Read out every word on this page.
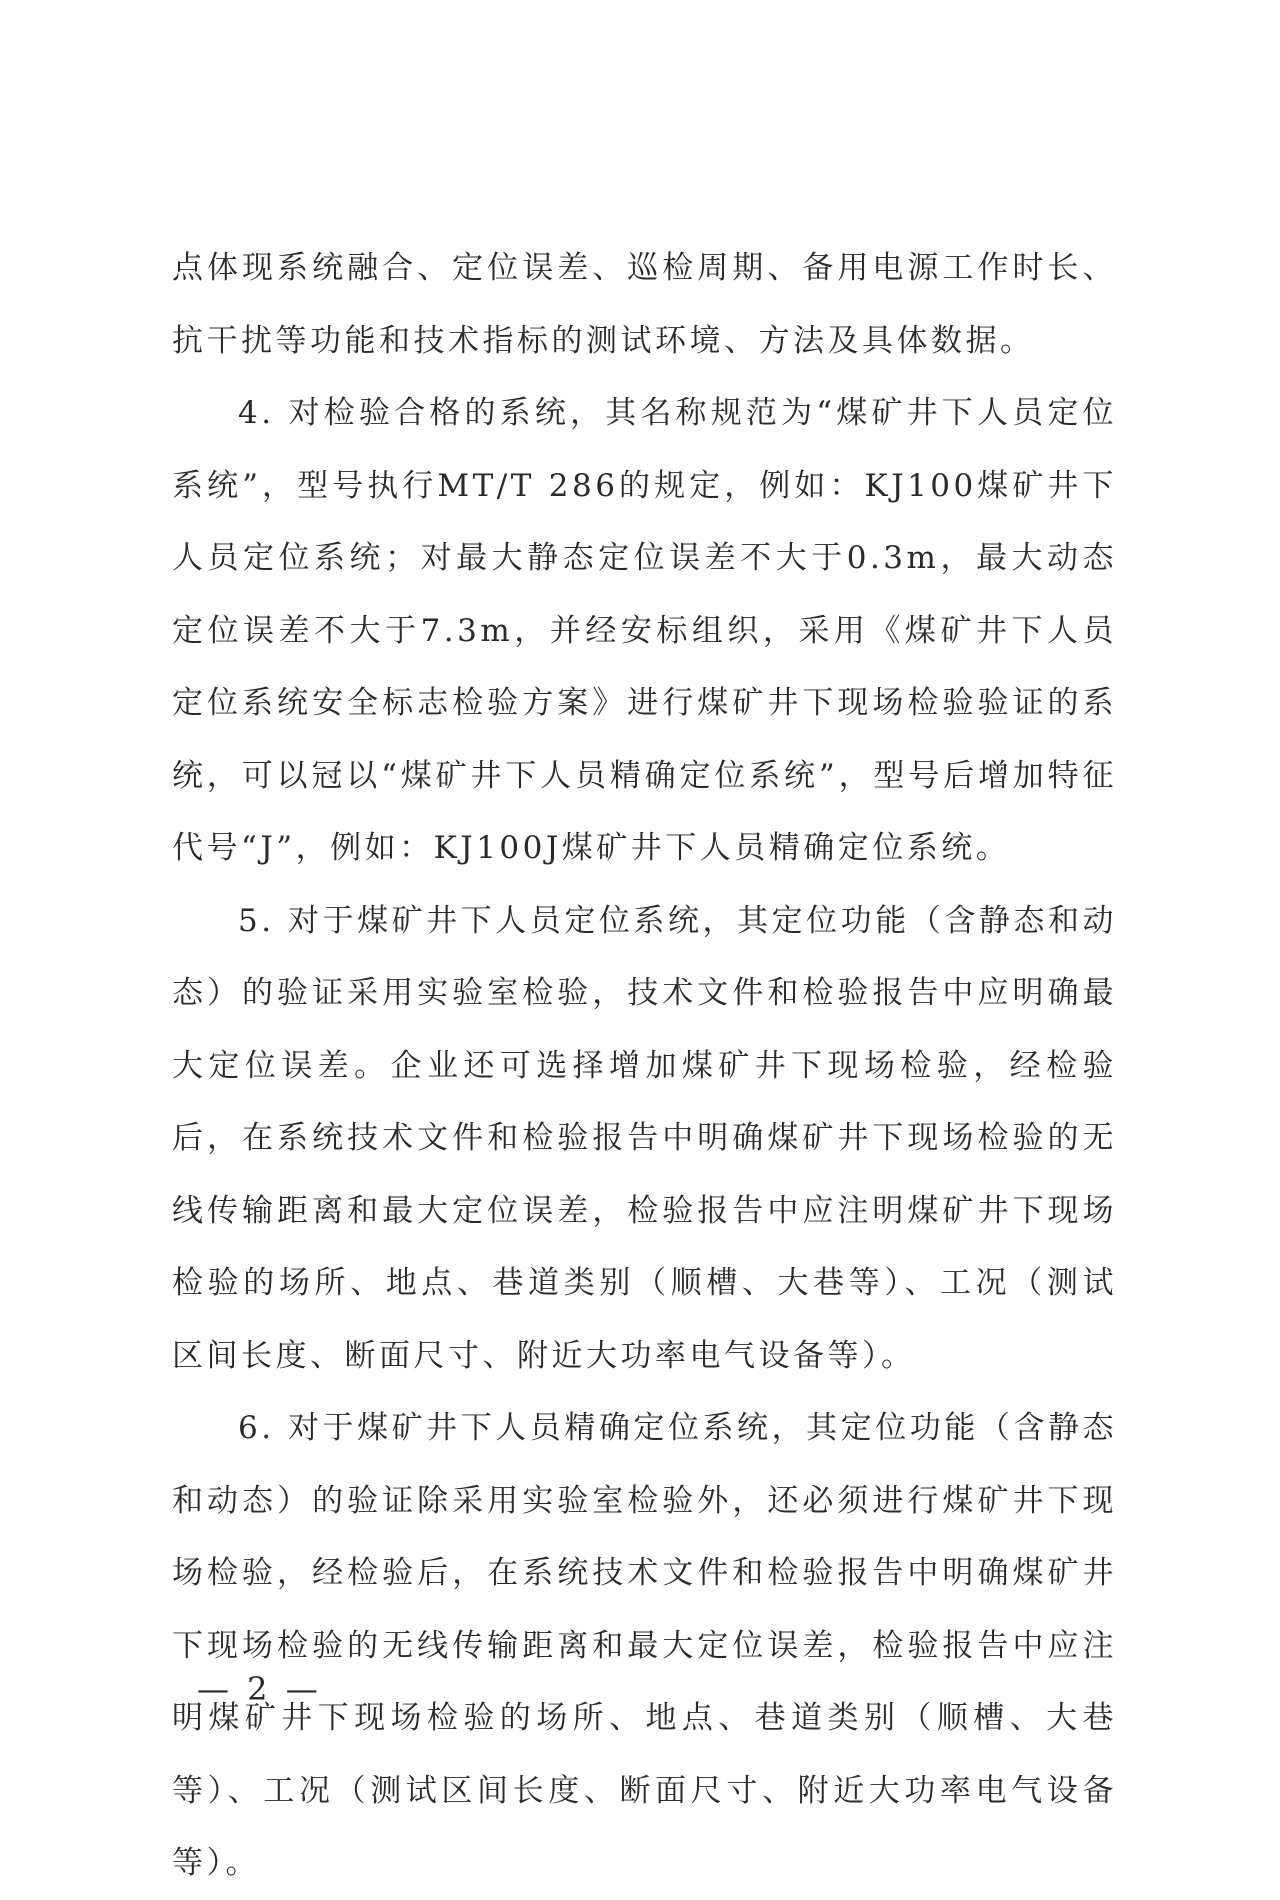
点体现系统融合、定位误差、巡检周期、备用电源工作时长、抗干扰等功能和技术指标的测试环境、方法及具体数据。

4. 对检验合格的系统，其名称规范为“煤矿井下人员定位系统”，型号执行MT/T 286的规定，例如：KJ100煤矿井下人员定位系统；对最大静态定位误差不大于0.3m，最大动态定位误差不大于7.3m，并经安标组织，采用《煤矿井下人员定位系统安全标志检验方案》进行煤矿井下现场检验验证的系统，可以冠以“煤矿井下人员精确定位系统”，型号后增加特征代号“J”，例如：KJ100J煤矿井下人员精确定位系统。

5. 对于煤矿井下人员定位系统，其定位功能（含静态和动态）的验证采用实验室检验，技术文件和检验报告中应明确最大定位误差。企业还可选择增加煤矿井下现场检验，经检验后，在系统技术文件和检验报告中明确煤矿井下现场检验的无线传输距离和最大定位误差，检验报告中应注明煤矿井下现场检验的场所、地点、巷道类别（顺槽、大巷等）、工况（测试区间长度、断面尺寸、附近大功率电气设备等）。

6. 对于煤矿井下人员精确定位系统，其定位功能（含静态和动态）的验证除采用实验室检验外，还必须进行煤矿井下现场检验，经检验后，在系统技术文件和检验报告中明确煤矿井下现场检验的无线传输距离和最大定位误差，检验报告中应注明煤矿井下现场检验的场所、地点、巷道类别（顺槽、大巷等）、工况（测试区间长度、断面尺寸、附近大功率电气设备等）。

— 2 —
